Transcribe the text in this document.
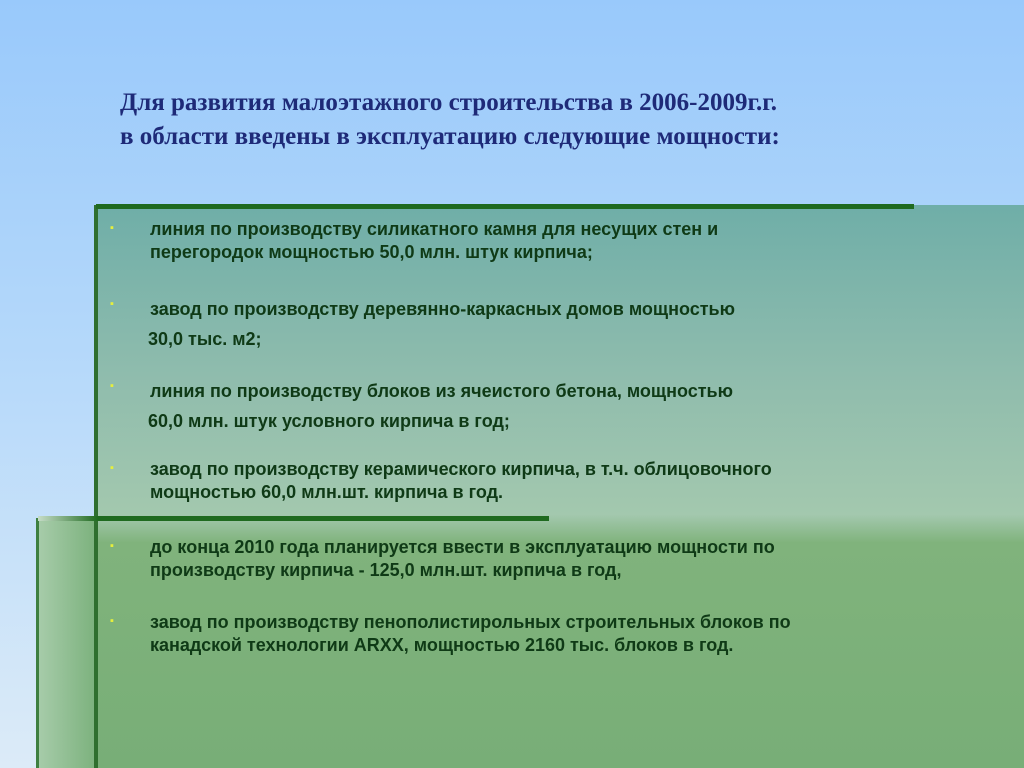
Для развития малоэтажного строительства в 2006-2009г.г.
в области введены в эксплуатацию следующие мощности:
▪ линия по производству силикатного камня для несущих стен и
перегородок мощностью 50,0 млн. штук кирпича;
▪ завод по производству деревянно-каркасных домов мощностью
30,0 тыс. м2;
▪ линия по производству блоков из ячеистого бетона, мощностью
60,0 млн. штук условного кирпича в год;
▪ завод по производству керамического кирпича, в т.ч. облицовочного
мощностью 60,0 млн.шт. кирпича в год.
▪ до конца 2010 года планируется ввести в эксплуатацию мощности по
производству кирпича - 125,0 млн.шт. кирпича в год,
▪ завод по производству пенополистирольных строительных блоков по
канадской технологии ARXX, мощностью 2160 тыс. блоков в год.
